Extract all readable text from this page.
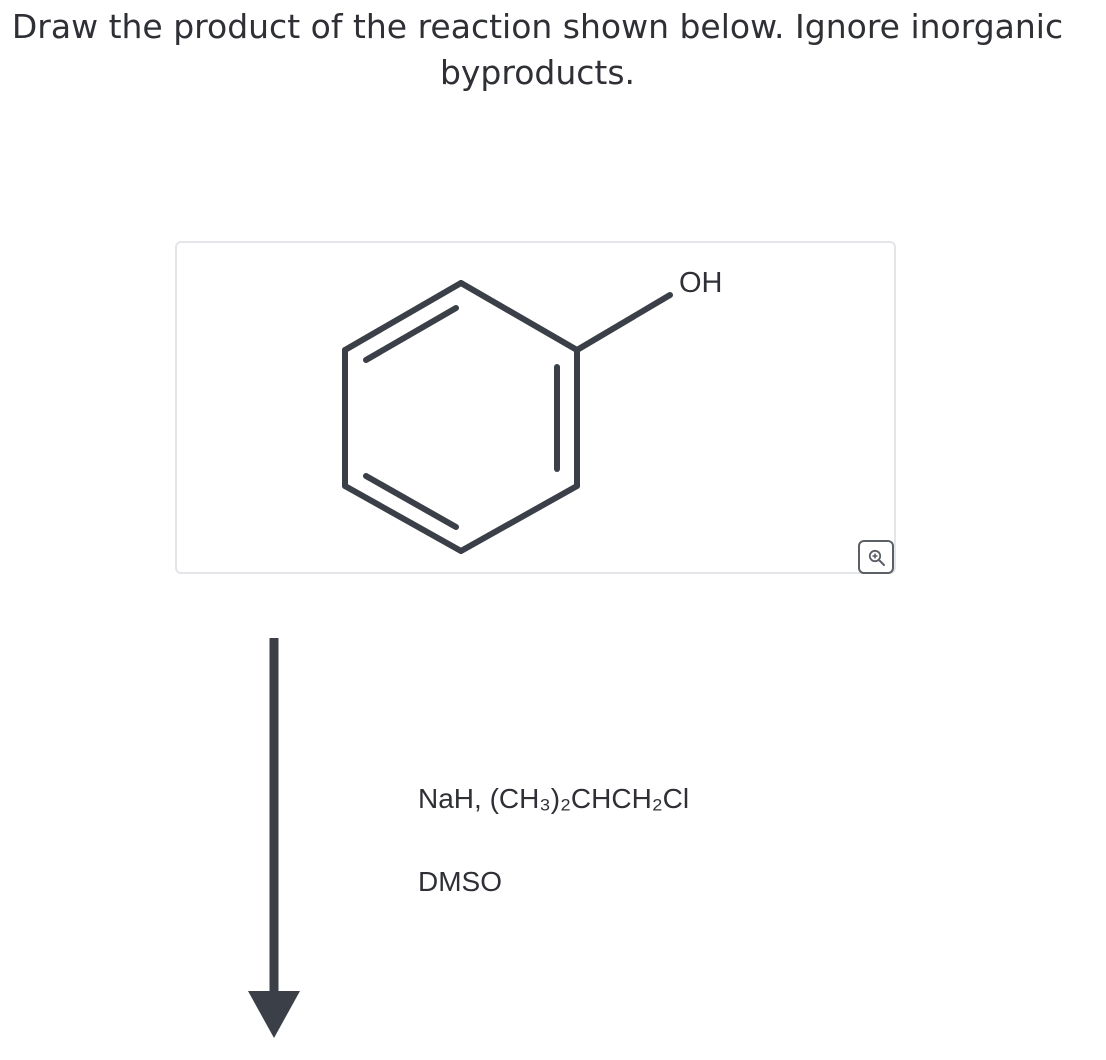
Draw the product of the reaction shown below. Ignore inorganic byproducts.
OH
NaH, (CH₃)₂CHCH₂Cl
DMSO
